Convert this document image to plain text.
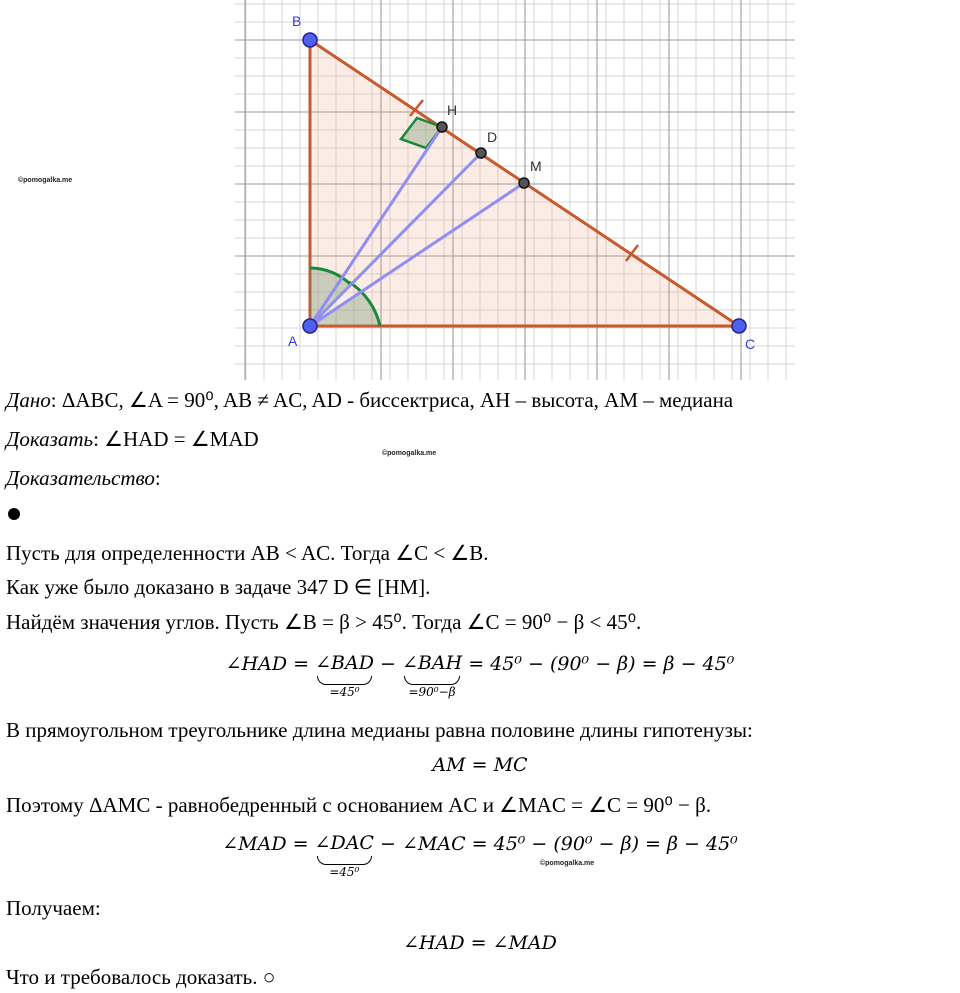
B
A	C
H
D
M
©pomogalka.me
Дано: ΔABC, ∠A = 90⁰, AB ≠ AC, AD - биссектриса, AH – высота, AM – медиана
Доказать: ∠HAD = ∠MAD
©pomogalka.me
Доказательство:
Пусть для определенности AB < AC. Тогда ∠C < ∠B.
Как уже было доказано в задаче 347 D ∈ [HM].
Найдём значения углов. Пусть ∠B = β > 45⁰. Тогда ∠C = 90⁰ − β < 45⁰.
∠HAD = ∠BAD
=45⁰
− ∠BAH
=90⁰−β
= 45⁰ − (90⁰ − β) = β − 45⁰
В прямоугольном треугольнике длина медианы равна половине длины гипотенузы:
AM = MC
Поэтому ΔAMC - равнобедренный с основанием AC и ∠MAC = ∠C = 90⁰ − β.
∠MAD = ∠DAC
=45⁰
− ∠MAC = 45⁰ − (90⁰ − β) = β − 45⁰
©pomogalka.me
Получаем:
∠HAD = ∠MAD
Что и требовалось доказать. ○
